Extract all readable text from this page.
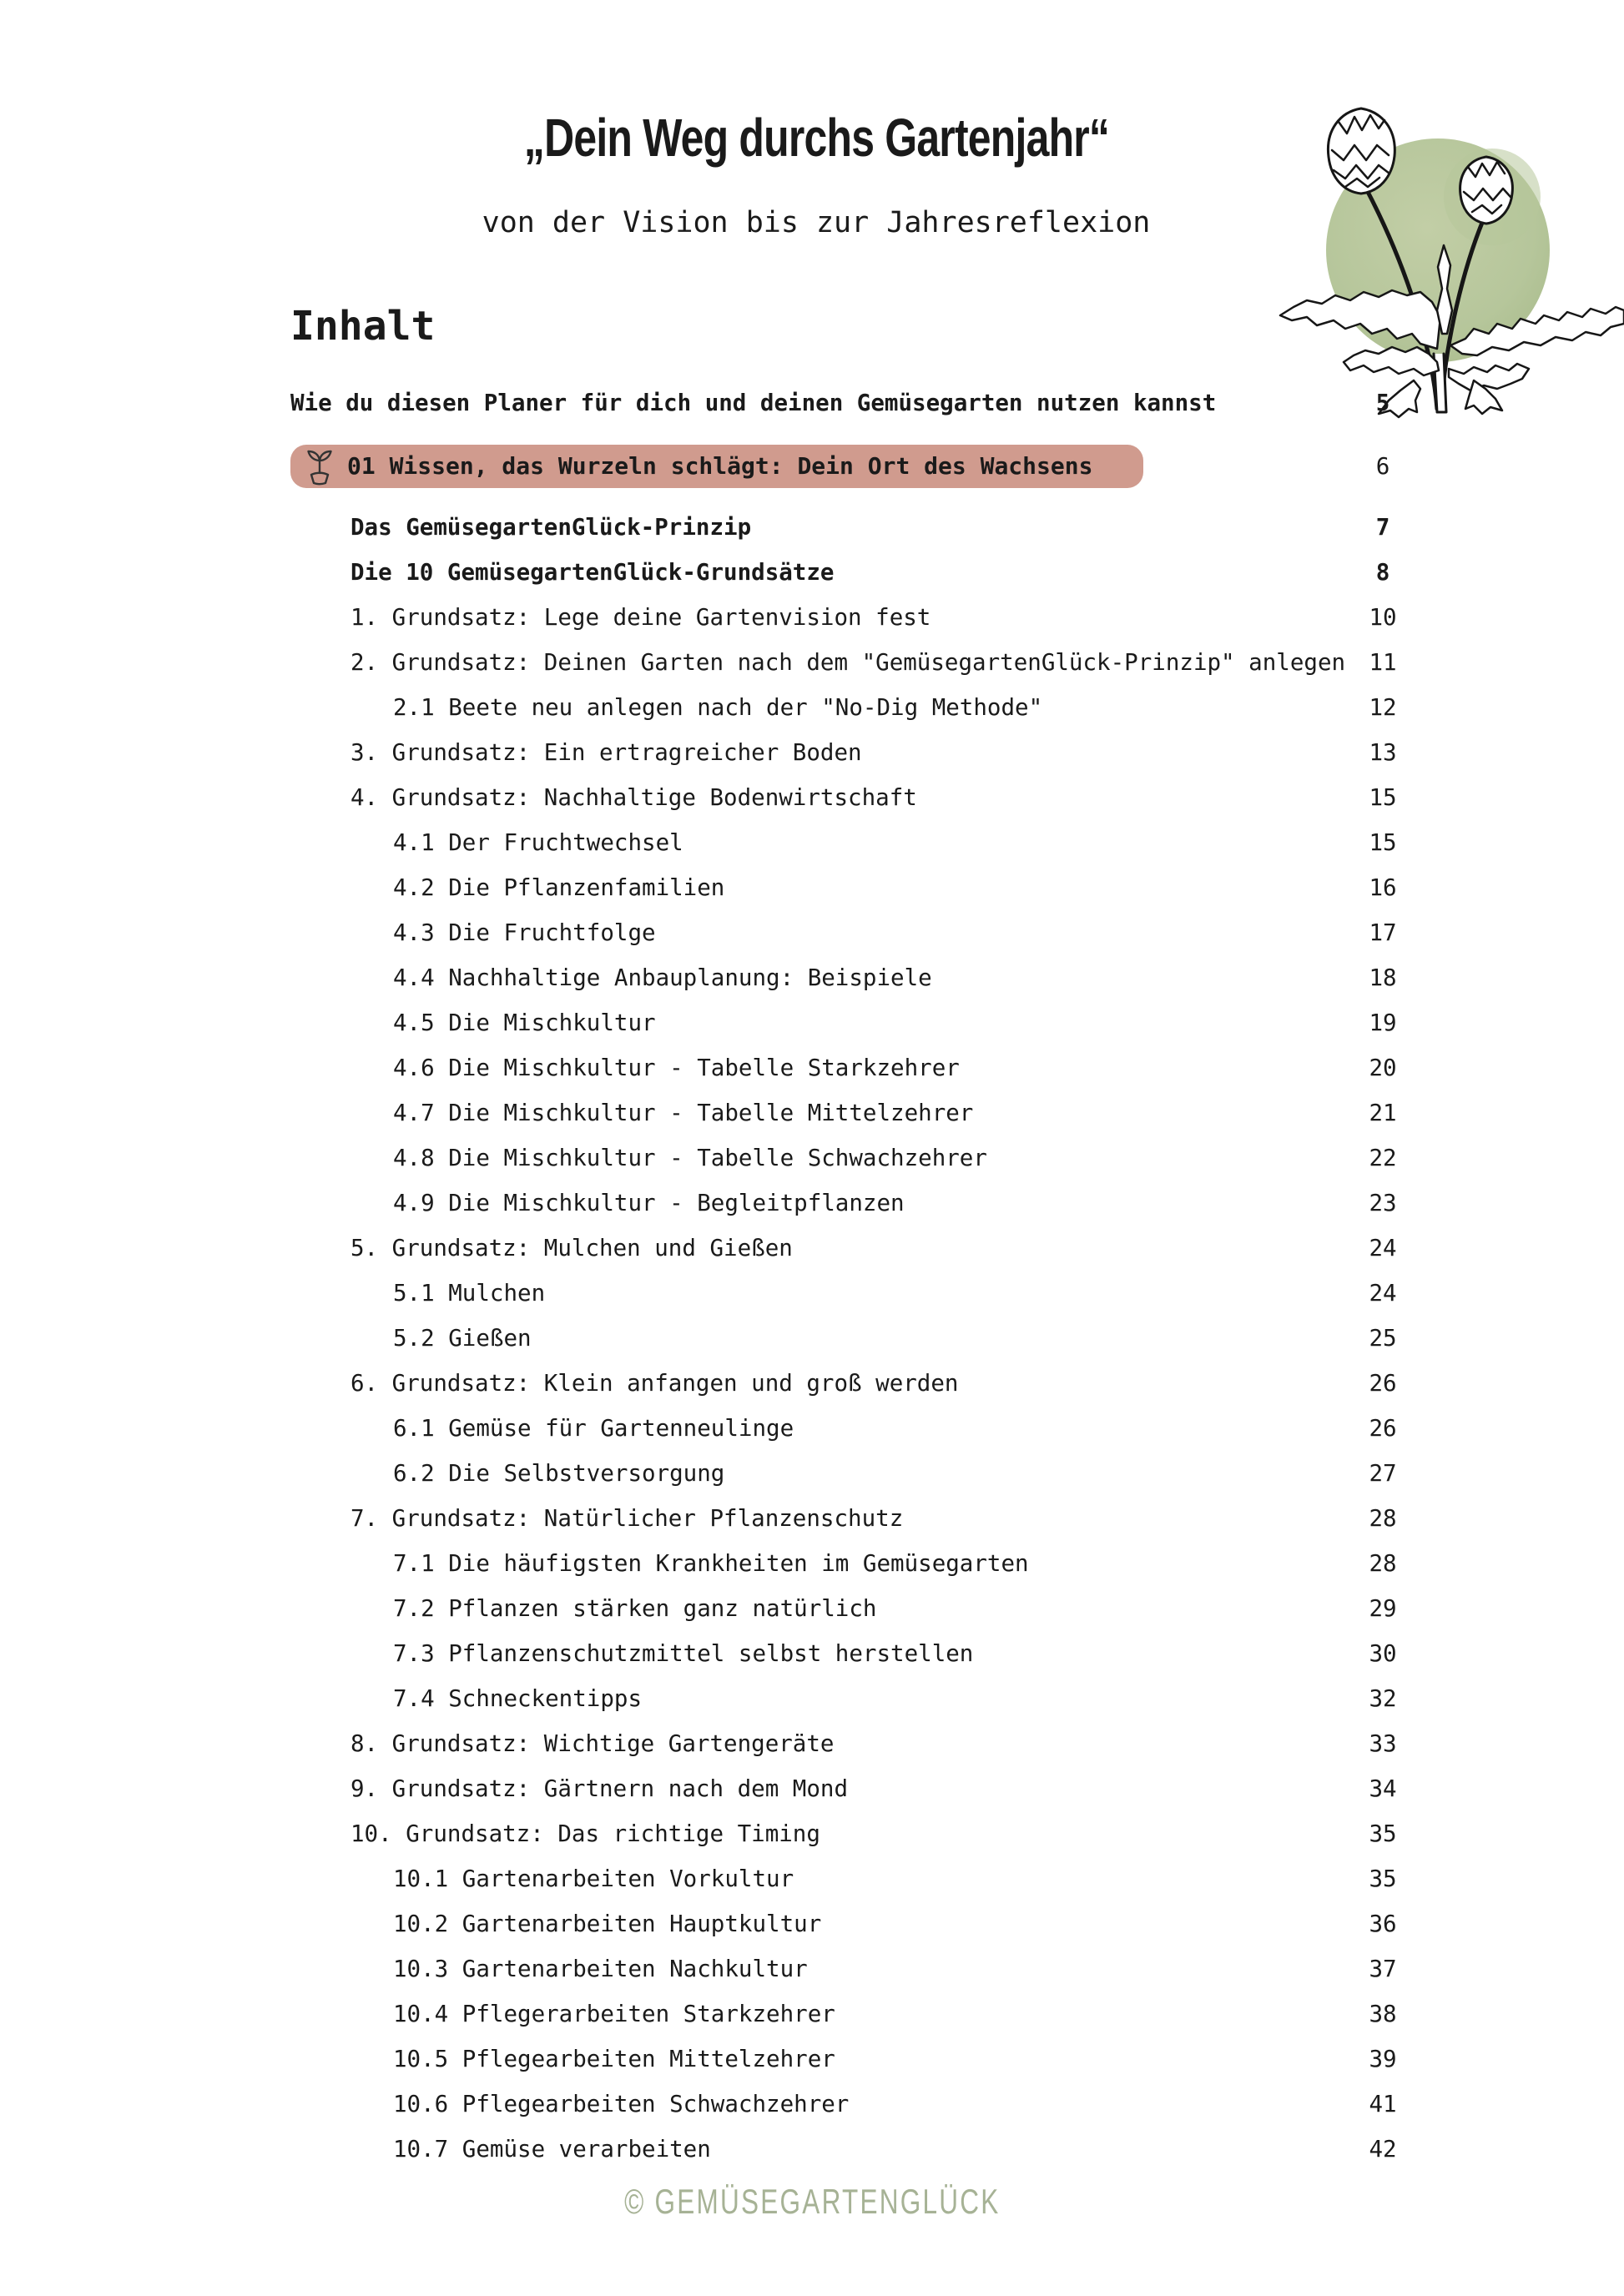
„Dein Weg durchs Gartenjahr“
von der Vision bis zur Jahresreflexion
Inhalt
Wie du diesen Planer für dich und deinen Gemüsegarten nutzen kannst	5
01 Wissen, das Wurzeln schlägt: Dein Ort des Wachsens	6
Das GemüsegartenGlück-Prinzip	7
Die 10 GemüsegartenGlück-Grundsätze	8
1. Grundsatz: Lege deine Gartenvision fest	10
2. Grundsatz: Deinen Garten nach dem "GemüsegartenGlück-Prinzip" anlegen	11
2.1 Beete neu anlegen nach der "No-Dig Methode"	12
3. Grundsatz: Ein ertragreicher Boden	13
4. Grundsatz: Nachhaltige Bodenwirtschaft	15
4.1 Der Fruchtwechsel	15
4.2 Die Pflanzenfamilien	16
4.3 Die Fruchtfolge	17
4.4 Nachhaltige Anbauplanung: Beispiele	18
4.5 Die Mischkultur	19
4.6 Die Mischkultur - Tabelle Starkzehrer	20
4.7 Die Mischkultur - Tabelle Mittelzehrer	21
4.8 Die Mischkultur - Tabelle Schwachzehrer	22
4.9 Die Mischkultur - Begleitpflanzen	23
5. Grundsatz: Mulchen und Gießen	24
5.1 Mulchen	24
5.2 Gießen	25
6. Grundsatz: Klein anfangen und groß werden	26
6.1 Gemüse für Gartenneulinge	26
6.2 Die Selbstversorgung	27
7. Grundsatz: Natürlicher Pflanzenschutz	28
7.1 Die häufigsten Krankheiten im Gemüsegarten	28
7.2 Pflanzen stärken ganz natürlich	29
7.3 Pflanzenschutzmittel selbst herstellen	30
7.4 Schneckentipps	32
8. Grundsatz: Wichtige Gartengeräte	33
9. Grundsatz: Gärtnern nach dem Mond	34
10. Grundsatz: Das richtige Timing	35
10.1 Gartenarbeiten Vorkultur	35
10.2 Gartenarbeiten Hauptkultur	36
10.3 Gartenarbeiten Nachkultur	37
10.4 Pflegerarbeiten Starkzehrer	38
10.5 Pflegearbeiten Mittelzehrer	39
10.6 Pflegearbeiten Schwachzehrer	41
10.7 Gemüse verarbeiten	42
© GEMÜSEGARTENGLÜCK
